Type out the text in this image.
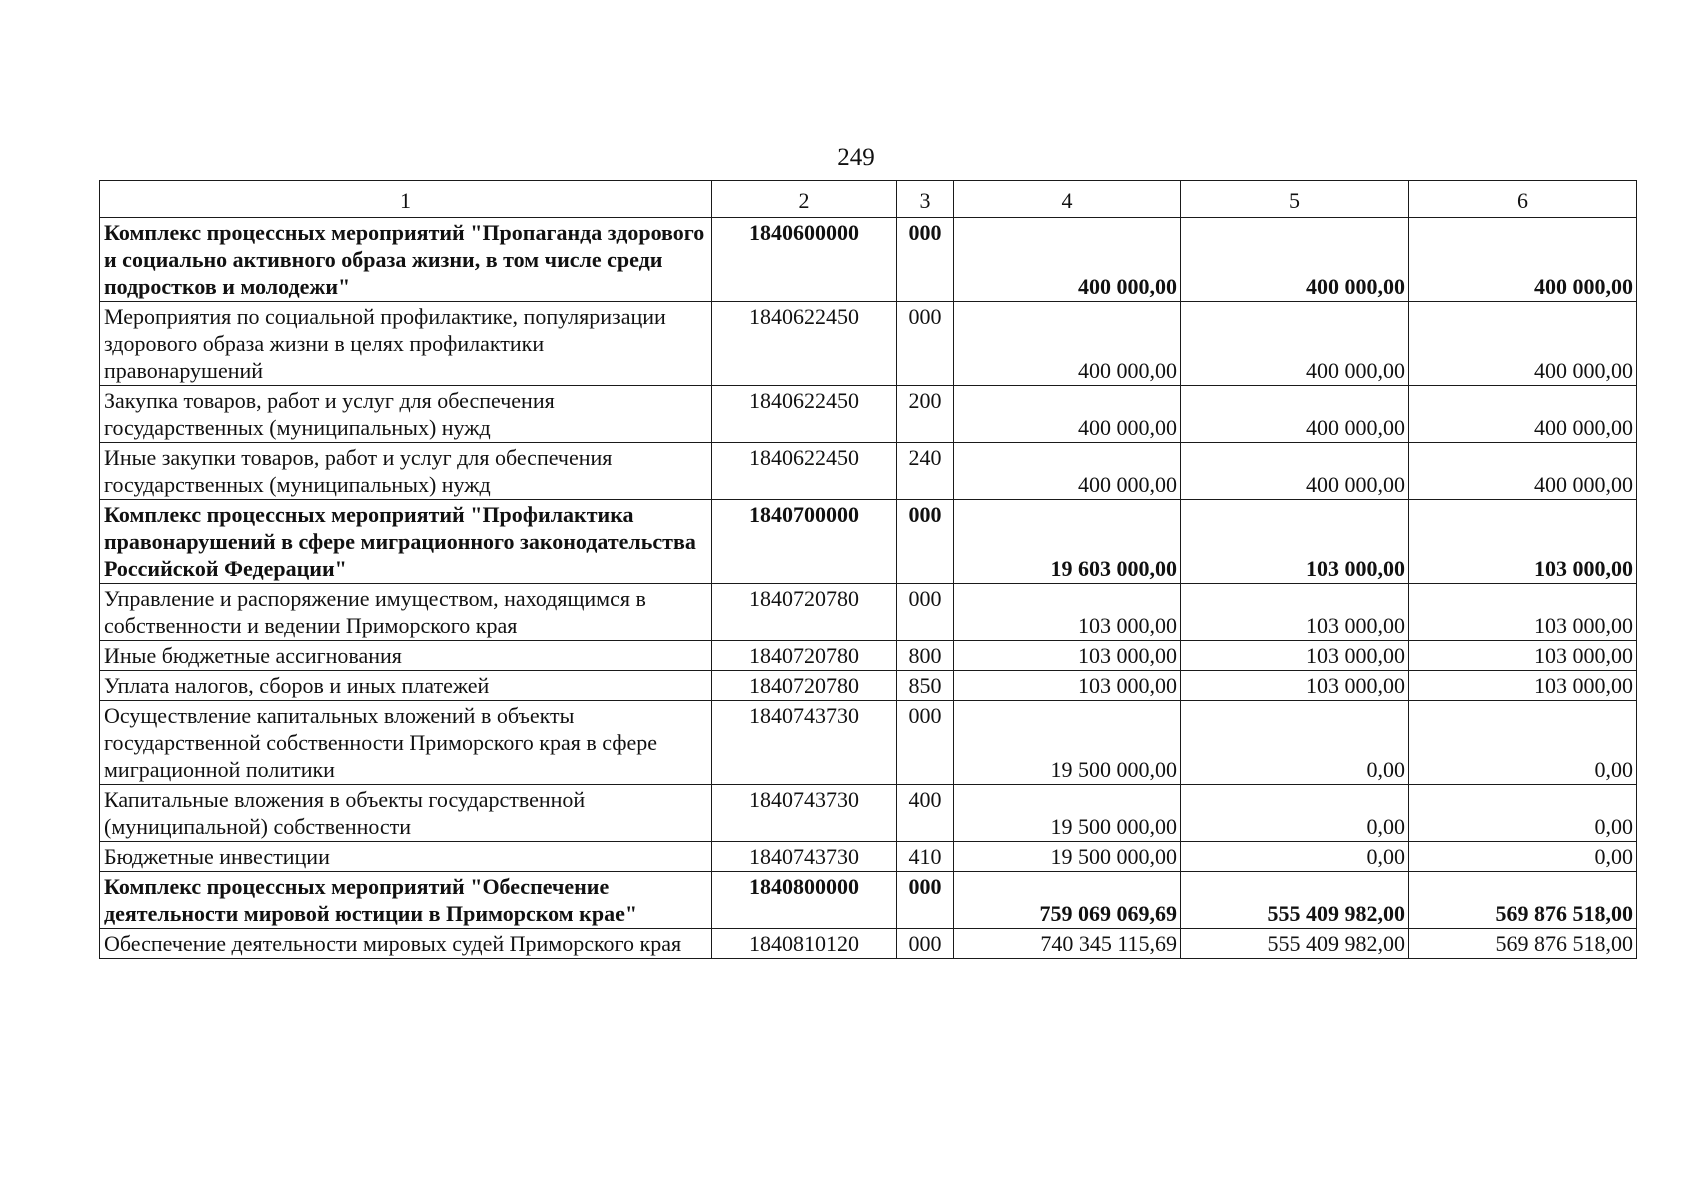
249
1	2	3	4	5	6
Комплекс процессных мероприятий "Пропаганда здорового и социально активного образа жизни, в том числе среди подростков и молодежи"	1840600000	000	400 000,00	400 000,00	400 000,00
Мероприятия по социальной профилактике, популяризации здорового образа жизни в целях профилактики правонарушений	1840622450	000	400 000,00	400 000,00	400 000,00
Закупка товаров, работ и услуг для обеспечения государственных (муниципальных) нужд	1840622450	200	400 000,00	400 000,00	400 000,00
Иные закупки товаров, работ и услуг для обеспечения государственных (муниципальных) нужд	1840622450	240	400 000,00	400 000,00	400 000,00
Комплекс процессных мероприятий "Профилактика правонарушений в сфере миграционного законодательства Российской Федерации"	1840700000	000	19 603 000,00	103 000,00	103 000,00
Управление и распоряжение имуществом, находящимся в собственности и ведении Приморского края	1840720780	000	103 000,00	103 000,00	103 000,00
Иные бюджетные ассигнования	1840720780	800	103 000,00	103 000,00	103 000,00
Уплата налогов, сборов и иных платежей	1840720780	850	103 000,00	103 000,00	103 000,00
Осуществление капитальных вложений в объекты государственной собственности Приморского края в сфере миграционной политики	1840743730	000	19 500 000,00	0,00	0,00
Капитальные вложения в объекты государственной (муниципальной) собственности	1840743730	400	19 500 000,00	0,00	0,00
Бюджетные инвестиции	1840743730	410	19 500 000,00	0,00	0,00
Комплекс процессных мероприятий "Обеспечение деятельности мировой юстиции в Приморском крае"	1840800000	000	759 069 069,69	555 409 982,00	569 876 518,00
Обеспечение деятельности мировых судей Приморского края	1840810120	000	740 345 115,69	555 409 982,00	569 876 518,00
